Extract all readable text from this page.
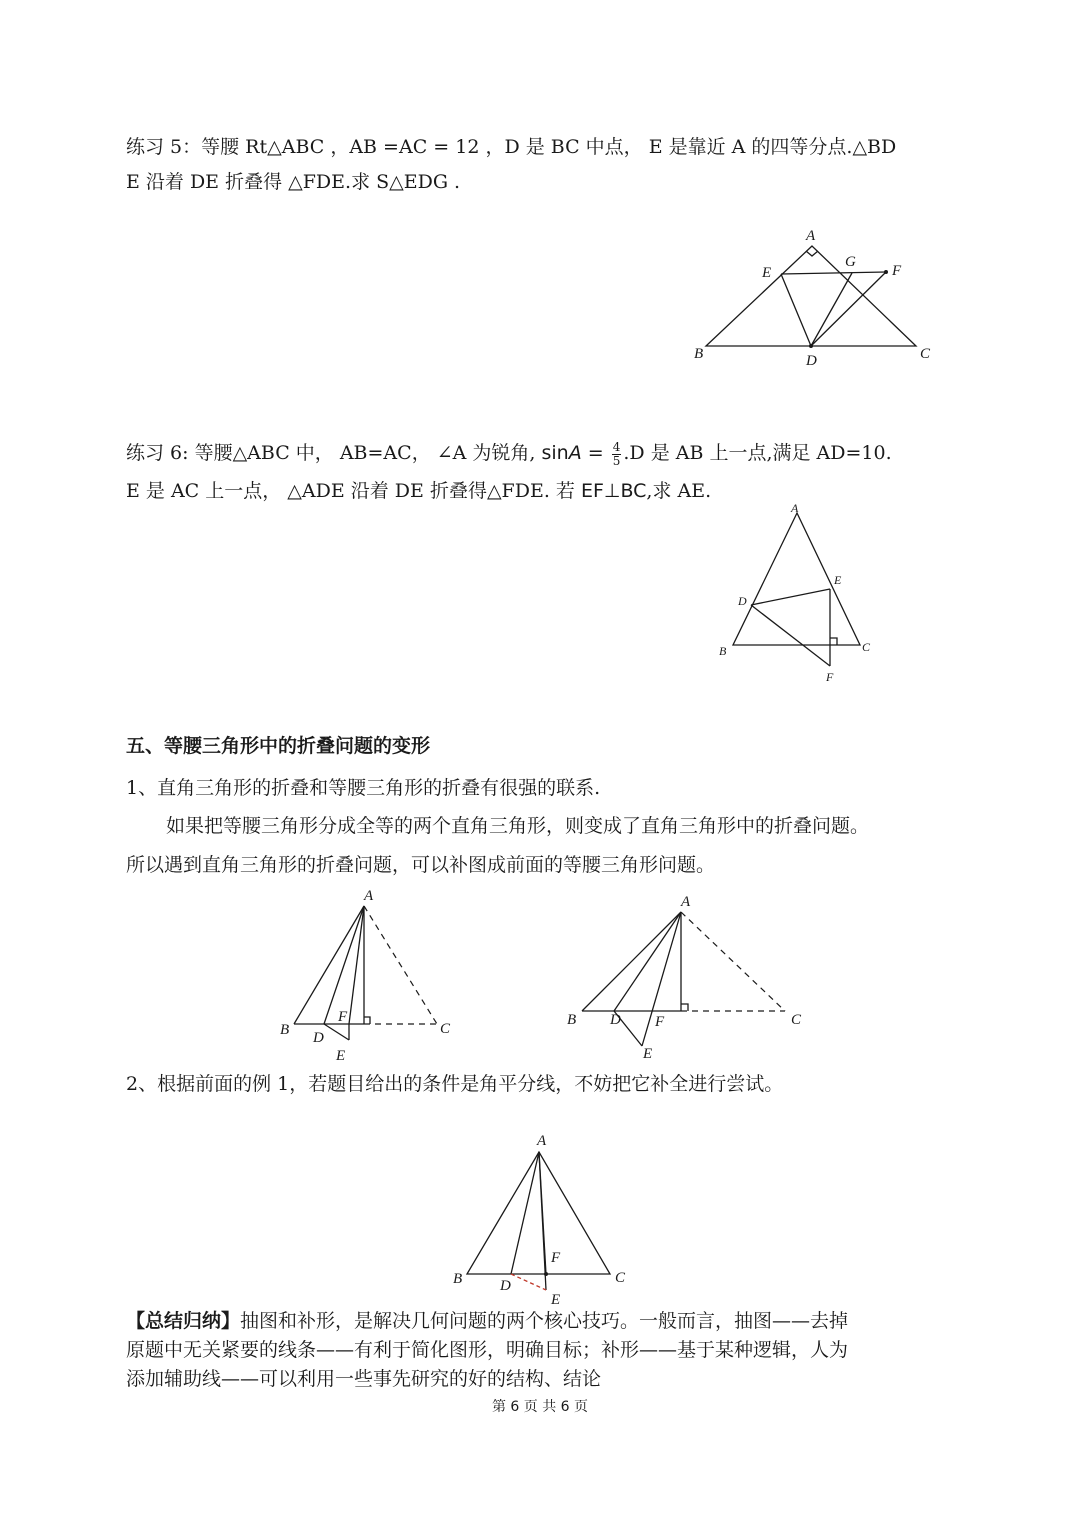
练习 5：等腰 Rt△ABC ，AB =AC = 12 ，D 是 BC 中点， E 是靠近 A 的四等分点.△BD
E 沿着 DE 折叠得 △FDE.求 S△EDG .
A
E
G
F
B	D	C
练习 6: 等腰△ABC 中， AB=AC， ∠A 为锐角, $\sin A = \frac{4}{5} .D$ 是 AB 上一点,满足 AD=10.
E 是 AC 上一点， △ADE 沿着 DE 折叠得△FDE. 若 EF⊥BC,求 AE.
A
E
D
B	C
F
五、等腰三角形中的折叠问题的变形
1、直角三角形的折叠和等腰三角形的折叠有很强的联系.
如果把等腰三角形分成全等的两个直角三角形，则变成了直角三角形中的折叠问题。
所以遇到直角三角形的折叠问题，可以补图成前面的等腰三角形问题。
A
B D
F
E
C
A
B D F
E
C
2、根据前面的例 1，若题目给出的条件是角平分线，不妨把它补全进行尝试。
A
B	D
F
E
C
【总结归纳】抽图和补形，是解决几何问题的两个核心技巧。一般而言，抽图——去掉
原题中无关紧要的线条——有利于简化图形，明确目标；补形——基于某种逻辑，人为
添加辅助线——可以利用一些事先研究的好的结构、结论
第 6 页 共 6 页
